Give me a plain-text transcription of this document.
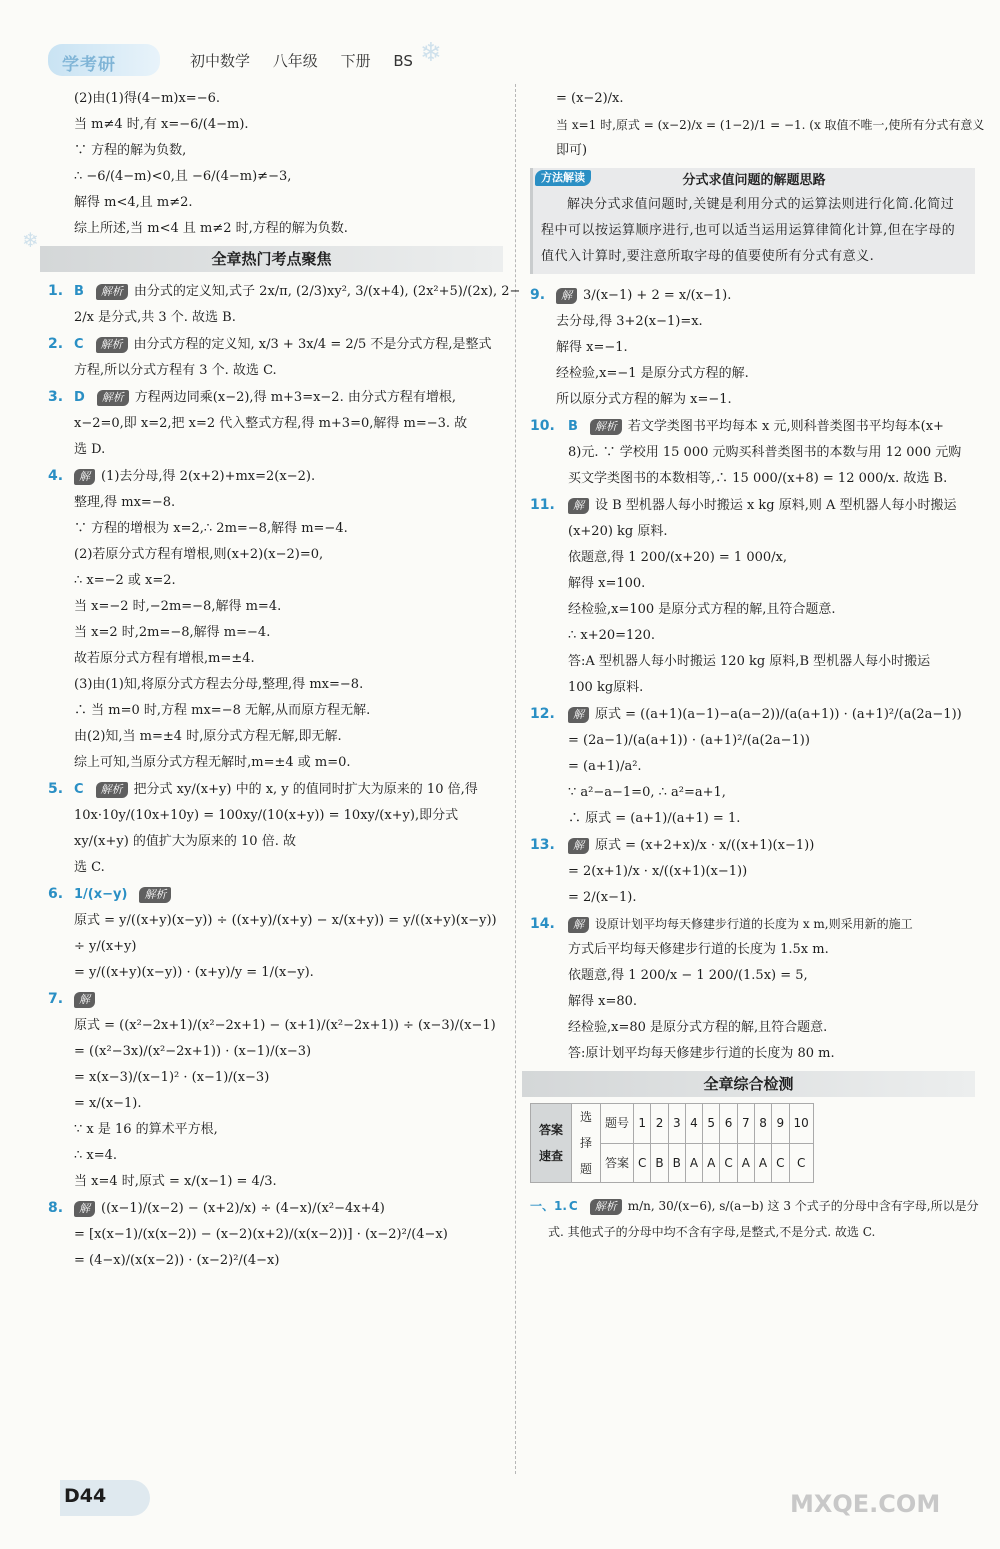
学考研	初中数学 八年级 下册 BS ❄
❄
(2)由(1)得(4−m)x=−6.
当 m≠4 时,有 x=−6/(4−m).
∵ 方程的解为负数,
∴ −6/(4−m)<0,且 −6/(4−m)≠−3,
解得 m<4,且 m≠2.
综上所述,当 m<4 且 m≠2 时,方程的解为负数.
全章热门考点聚焦
1. B 解析 由分式的定义知,式子 2x/π, (2/3)xy², 3/(x+4), (2x²+5)/(2x), 2−
2/x 是分式,共 3 个. 故选 B.
2. C 解析 由分式方程的定义知, x/3 + 3x/4 = 2/5 不是分式方程,是整式
方程,所以分式方程有 3 个. 故选 C.
3. D 解析 方程两边同乘(x−2),得 m+3=x−2. 由分式方程有增根,
x−2=0,即 x=2,把 x=2 代入整式方程,得 m+3=0,解得 m=−3. 故
选 D.
4. 解 (1)去分母,得 2(x+2)+mx=2(x−2).
整理,得 mx=−8.
∵ 方程的增根为 x=2,∴ 2m=−8,解得 m=−4.
(2)若原分式方程有增根,则(x+2)(x−2)=0,
∴ x=−2 或 x=2.
当 x=−2 时,−2m=−8,解得 m=4.
当 x=2 时,2m=−8,解得 m=−4.
故若原分式方程有增根,m=±4.
(3)由(1)知,将原分式方程去分母,整理,得 mx=−8.
∴ 当 m=0 时,方程 mx=−8 无解,从而原方程无解.
由(2)知,当 m=±4 时,原分式方程无解,即无解.
综上可知,当原分式方程无解时,m=±4 或 m=0.
5. C 解析 把分式 xy/(x+y) 中的 x, y 的值同时扩大为原来的 10 倍,得
10x·10y/(10x+10y) = 100xy/(10(x+y)) = 10xy/(x+y),即分式 xy/(x+y) 的值扩大为原来的 10 倍. 故
选 C.
6. 1/(x−y) 解析
原式 = y/((x+y)(x−y)) ÷ ((x+y)/(x+y) − x/(x+y)) = y/((x+y)(x−y)) ÷ y/(x+y)
= y/((x+y)(x−y)) · (x+y)/y = 1/(x−y).
7. 解
原式 = ((x²−2x+1)/(x²−2x+1) − (x+1)/(x²−2x+1)) ÷ (x−3)/(x−1)
= ((x²−3x)/(x²−2x+1)) · (x−1)/(x−3)
= x(x−3)/(x−1)² · (x−1)/(x−3)
= x/(x−1).
∵ x 是 16 的算术平方根,
∴ x=4.
当 x=4 时,原式 = x/(x−1) = 4/3.
8. 解 ((x−1)/(x−2) − (x+2)/x) ÷ (4−x)/(x²−4x+4)
= [x(x−1)/(x(x−2)) − (x−2)(x+2)/(x(x−2))] · (x−2)²/(4−x)
= (4−x)/(x(x−2)) · (x−2)²/(4−x)
= (x−2)/x.
当 x=1 时,原式 = (x−2)/x = (1−2)/1 = −1. (x 取值不唯一,使所有分式有意义
即可)
方法解读	分式求值问题的解题思路
解决分式求值问题时,关键是利用分式的运算法则进行化简.化简过程中可以按运算顺序进行,也可以适当运用运算律简化计算,但在字母的值代入计算时,要注意所取字母的值要使所有分式有意义.
9. 解 3/(x−1) + 2 = x/(x−1).
去分母,得 3+2(x−1)=x.
解得 x=−1.
经检验,x=−1 是原分式方程的解.
所以原分式方程的解为 x=−1.
10. B 解析 若文学类图书平均每本 x 元,则科普类图书平均每本(x+
8)元. ∵ 学校用 15 000 元购买科普类图书的本数与用 12 000 元购
买文学类图书的本数相等,∴ 15 000/(x+8) = 12 000/x. 故选 B.
11. 解 设 B 型机器人每小时搬运 x kg 原料,则 A 型机器人每小时搬运
(x+20) kg 原料.
依题意,得 1 200/(x+20) = 1 000/x,
解得 x=100.
经检验,x=100 是原分式方程的解,且符合题意.
∴ x+20=120.
答:A 型机器人每小时搬运 120 kg 原料,B 型机器人每小时搬运
100 kg原料.
12. 解 原式 = ((a+1)(a−1)−a(a−2))/(a(a+1)) · (a+1)²/(a(2a−1))
= (2a−1)/(a(a+1)) · (a+1)²/(a(2a−1))
= (a+1)/a².
∵ a²−a−1=0, ∴ a²=a+1,
∴ 原式 = (a+1)/(a+1) = 1.
13. 解 原式 = (x+2+x)/x · x/((x+1)(x−1))
= 2(x+1)/x · x/((x+1)(x−1))
= 2/(x−1).
14. 解 设原计划平均每天修建步行道的长度为 x m,则采用新的施工
方式后平均每天修建步行道的长度为 1.5x m.
依题意,得 1 200/x − 1 200/(1.5x) = 5,
解得 x=80.
经检验,x=80 是原分式方程的解,且符合题意.
答:原计划平均每天修建步行道的长度为 80 m.
全章综合检测
答案速查	选择题	题号	1	2	3	4	5	6	7	8	9	10
		答案	C	B	B	A	A	C	A	A	C	C
一、1. C 解析 m/n, 30/(x−6), s/(a−b) 这 3 个式子的分母中含有字母,所以是分
式. 其他式子的分母中均不含有字母,是整式,不是分式. 故选 C.
D44	MXQE.COM
